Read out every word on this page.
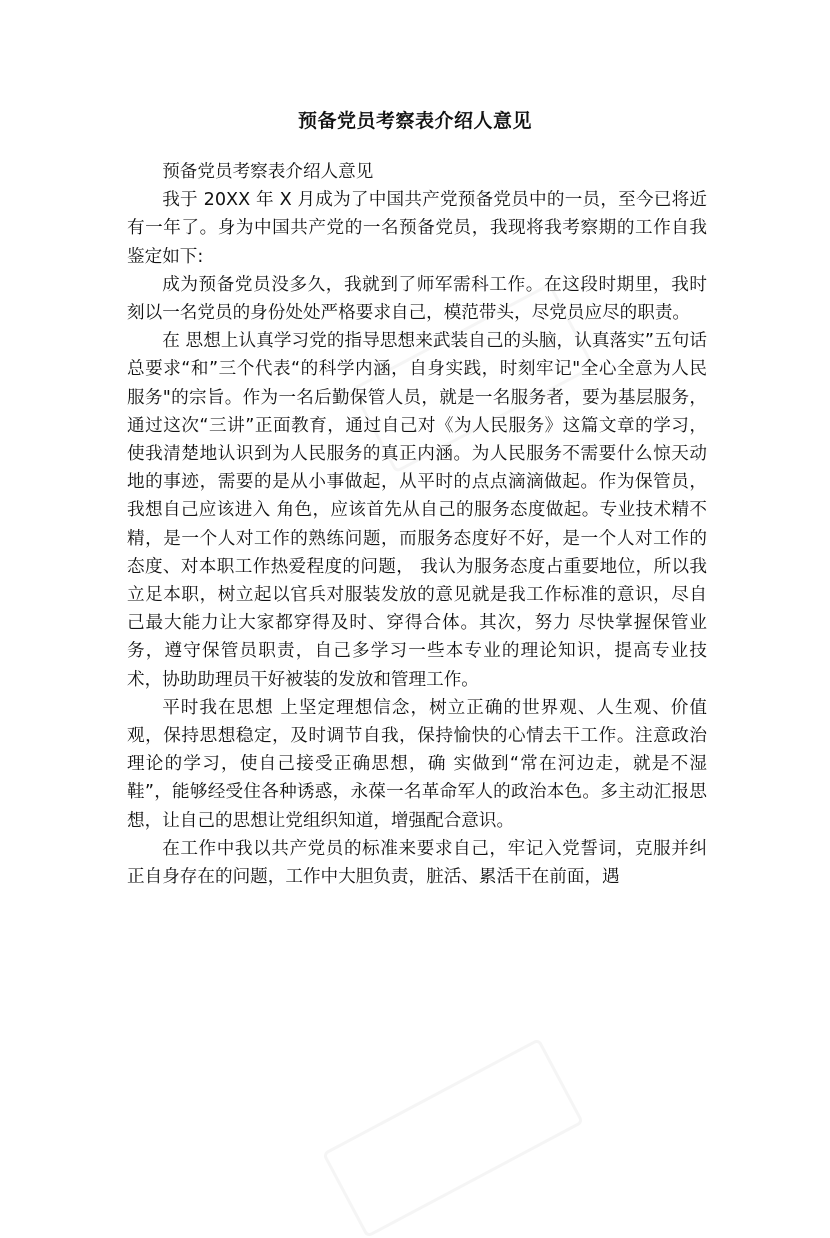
预备党员考察表介绍人意见

预备党员考察表介绍人意见

我于 20XX 年 X 月成为了中国共产党预备党员中的一员，至今已将近有一年了。身为中国共产党的一名预备党员，我现将我考察期的工作自我鉴定如下:

成为预备党员没多久，我就到了师军需科工作。在这段时期里，我时刻以一名党员的身份处处严格要求自己，模范带头，尽党员应尽的职责。

在 思想上认真学习党的指导思想来武装自己的头脑，认真落实”五句话总要求“和”三个代表“的科学内涵，自身实践，时刻牢记"全心全意为人民服务"的宗旨。作为一名后勤保管人员，就是一名服务者，要为基层服务，通过这次“三讲”正面教育，通过自己对《为人民服务》这篇文章的学习，使我清楚地认识到为人民服务的真正内涵。为人民服务不需要什么惊天动地的事迹，需要的是从小事做起，从平时的点点滴滴做起。作为保管员，我想自己应该进入 角色，应该首先从自己的服务态度做起。专业技术精不精，是一个人对工作的熟练问题，而服务态度好不好，是一个人对工作的态度、对本职工作热爱程度的问题， 我认为服务态度占重要地位，所以我立足本职，树立起以官兵对服装发放的意见就是我工作标准的意识，尽自己最大能力让大家都穿得及时、穿得合体。其次，努力 尽快掌握保管业务，遵守保管员职责，自己多学习一些本专业的理论知识，提高专业技术，协助助理员干好被装的发放和管理工作。

平时我在思想 上坚定理想信念，树立正确的世界观、人生观、价值观，保持思想稳定，及时调节自我，保持愉快的心情去干工作。注意政治理论的学习，使自己接受正确思想，确 实做到“常在河边走，就是不湿鞋”，能够经受住各种诱惑，永葆一名革命军人的政治本色。多主动汇报思想，让自己的思想让党组织知道，增强配合意识。

在工作中我以共产党员的标准来要求自己，牢记入党誓词，克服并纠正自身存在的问题，工作中大胆负责，脏活、累活干在前面，遇
